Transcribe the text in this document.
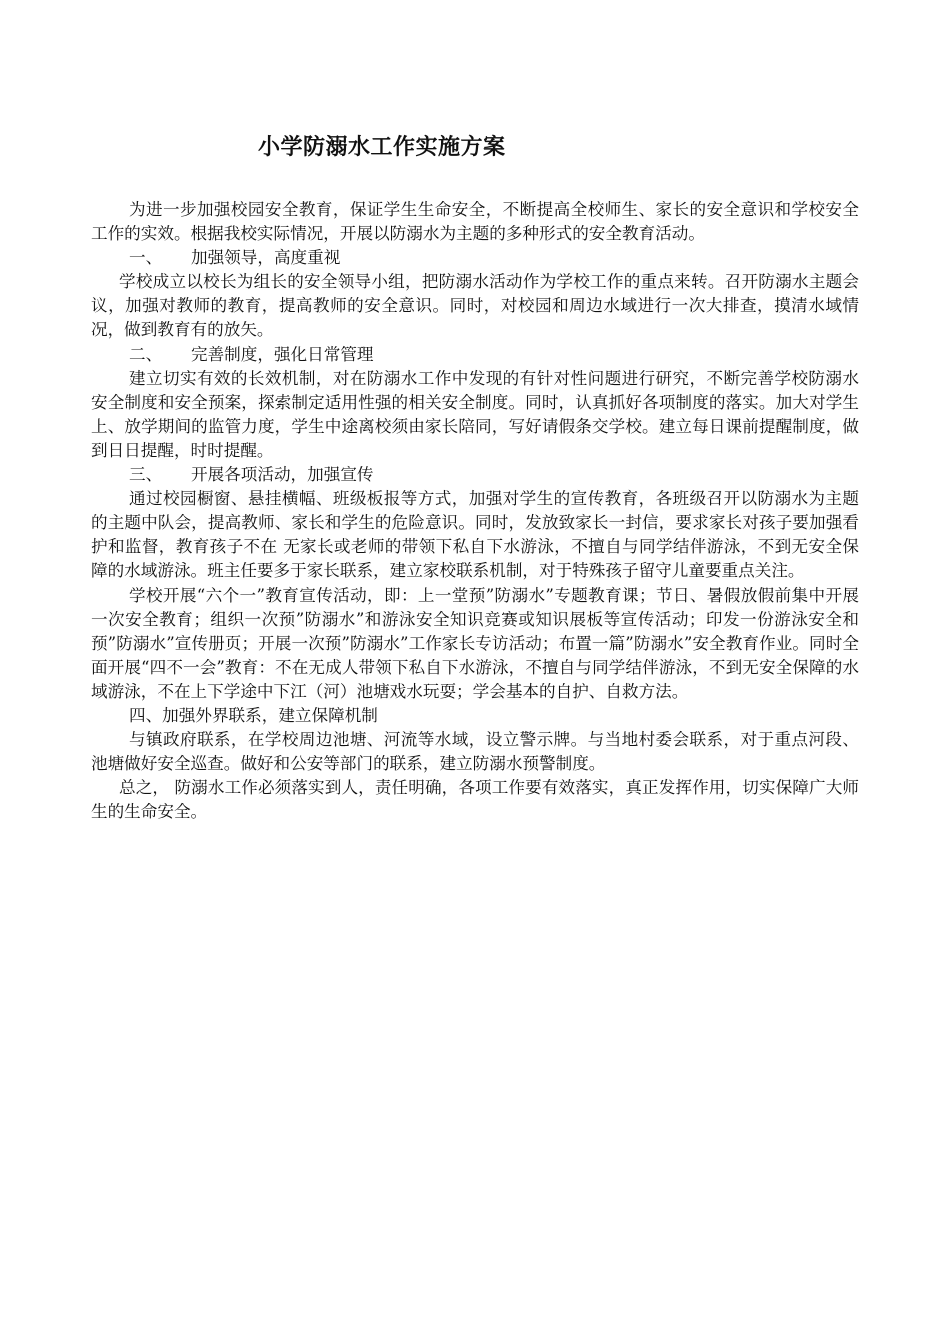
小学防溺水工作实施方案

为进一步加强校园安全教育，保证学生生命安全，不断提高全校师生、家长的安全意识和学校安全工作的实效。根据我校实际情况，开展以防溺水为主题的多种形式的安全教育活动。

一、 加强领导，高度重视

学校成立以校长为组长的安全领导小组，把防溺水活动作为学校工作的重点来转。召开防溺水主题会议，加强对教师的教育，提高教师的安全意识。同时，对校园和周边水域进行一次大排查，摸清水域情况，做到教育有的放矢。

二、 完善制度，强化日常管理

建立切实有效的长效机制，对在防溺水工作中发现的有针对性问题进行研究，不断完善学校防溺水安全制度和安全预案，探索制定适用性强的相关安全制度。同时，认真抓好各项制度的落实。加大对学生上、放学期间的监管力度，学生中途离校须由家长陪同，写好请假条交学校。建立每日课前提醒制度，做到日日提醒，时时提醒。

三、 开展各项活动，加强宣传

通过校园橱窗、悬挂横幅、班级板报等方式，加强对学生的宣传教育，各班级召开以防溺水为主题的主题中队会，提高教师、家长和学生的危险意识。同时，发放致家长一封信，要求家长对孩子要加强看护和监督，教育孩子不在 无家长或老师的带领下私自下水游泳，不擅自与同学结伴游泳，不到无安全保障的水域游泳。班主任要多于家长联系，建立家校联系机制，对于特殊孩子留守儿童要重点关注。

学校开展“六个一”教育宣传活动，即：上一堂预”防溺水”专题教育课；节日、暑假放假前集中开展一次安全教育；组织一次预”防溺水”和游泳安全知识竞赛或知识展板等宣传活动；印发一份游泳安全和预”防溺水”宣传册页；开展一次预”防溺水”工作家长专访活动；布置一篇”防溺水”安全教育作业。同时全面开展“四不一会”教育：不在无成人带领下私自下水游泳，不擅自与同学结伴游泳，不到无安全保障的水域游泳，不在上下学途中下江（河）池塘戏水玩耍；学会基本的自护、自救方法。

四、加强外界联系，建立保障机制

与镇政府联系，在学校周边池塘、河流等水域，设立警示牌。与当地村委会联系，对于重点河段、池塘做好安全巡查。做好和公安等部门的联系，建立防溺水预警制度。

总之， 防溺水工作必须落实到人，责任明确，各项工作要有效落实，真正发挥作用，切实保障广大师生的生命安全。
